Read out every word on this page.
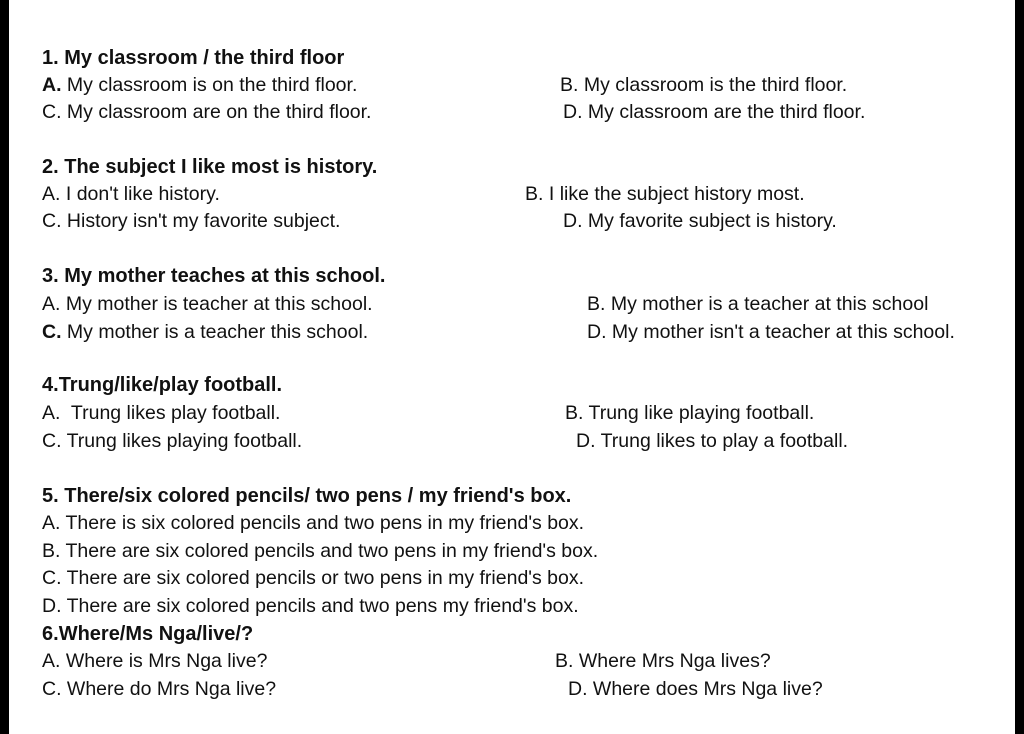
1. My classroom / the third floor
A. My classroom is on the third floor.	B. My classroom is the third floor.
C. My classroom are on the third floor.	D. My classroom are the third floor.
2. The subject I like most is history.
A. I don't like history.	B. I like the subject history most.
C. History isn't my favorite subject.	D. My favorite subject is history.
3. My mother teaches at this school.
A. My mother is teacher at this school.	B. My mother is a teacher at this school
C. My mother is a teacher this school.	D. My mother isn't a teacher at this school.
4.Trung/like/play football.
A. Trung likes play football.	B. Trung like playing football.
C. Trung likes playing football.	D. Trung likes to play a football.
5. There/six colored pencils/ two pens / my friend's box.
A. There is six colored pencils and two pens in my friend's box.
B. There are six colored pencils and two pens in my friend's box.
C. There are six colored pencils or two pens in my friend's box.
D. There are six colored pencils and two pens my friend's box.
6.Where/Ms Nga/live/?
A. Where is Mrs Nga live?	B. Where Mrs Nga lives?
C. Where do Mrs Nga live?	D. Where does Mrs Nga live?
